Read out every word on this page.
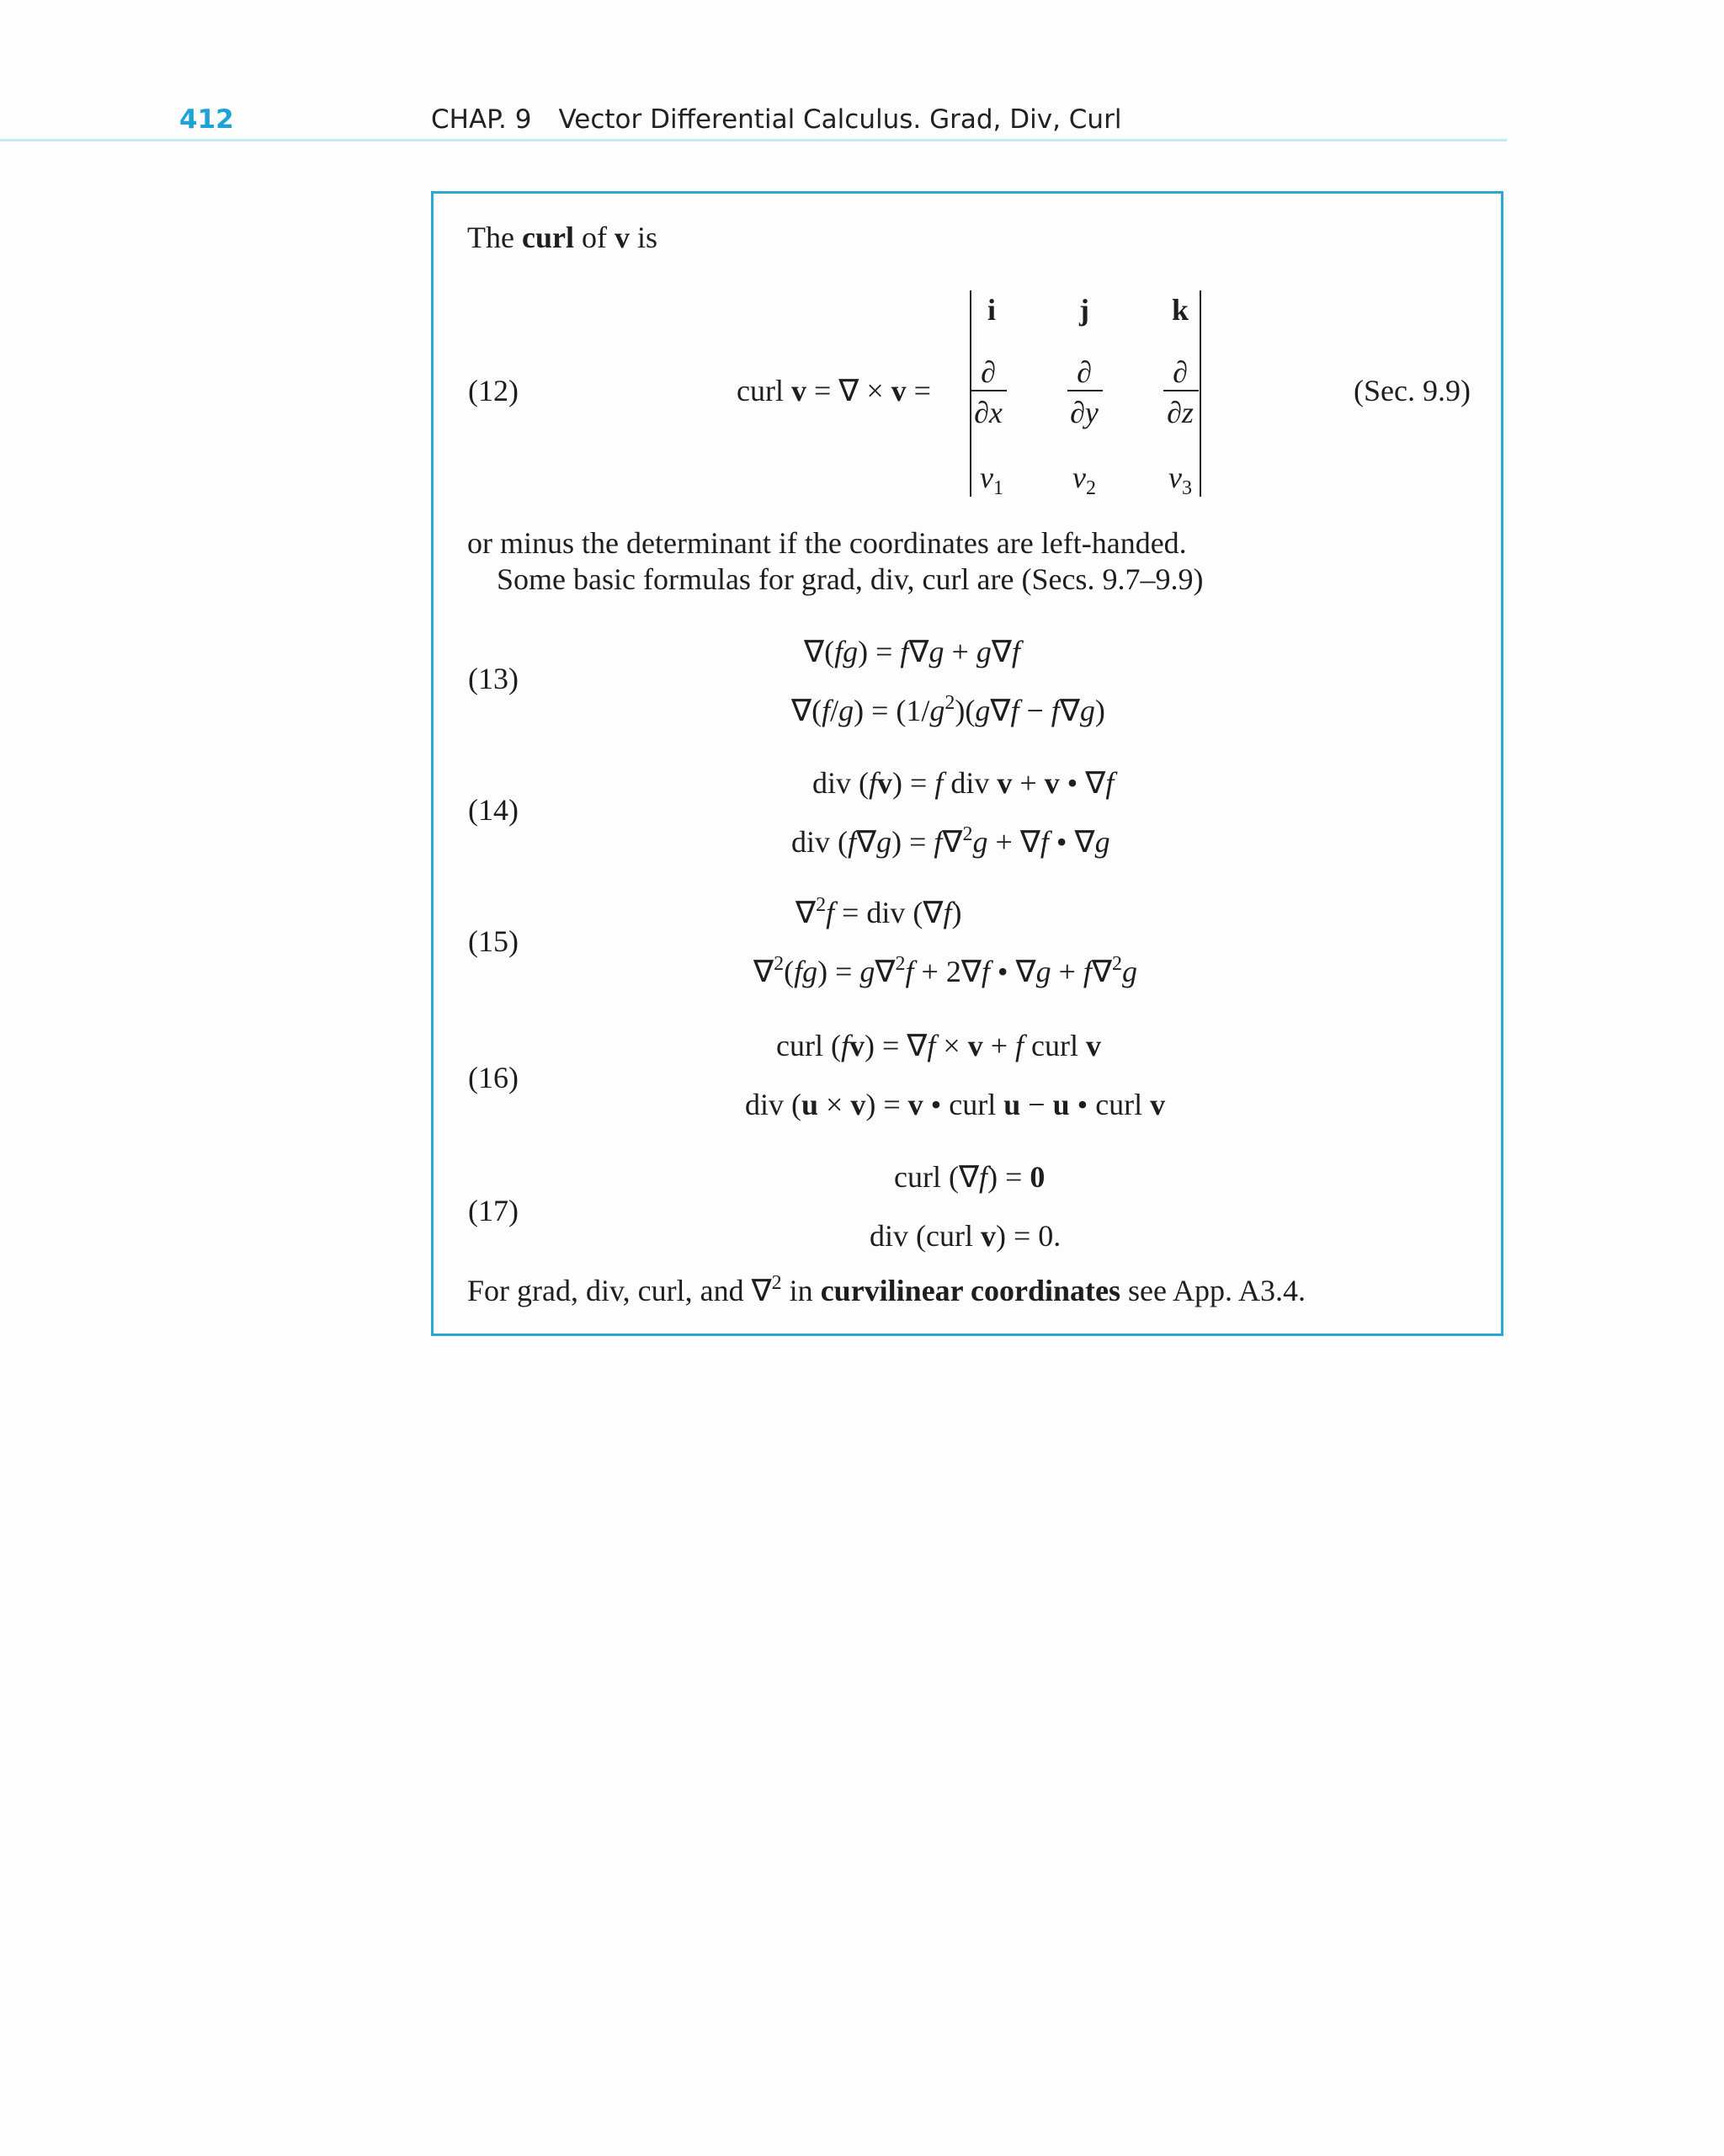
412	CHAP. 9 Vector Differential Calculus. Grad, Div, Curl
The curl of v is
(12)	curl v = ∇ × v =
i	j	k
∂	∂	∂
∂x	∂y	∂z
$v_1$	$v_2$	$v_3$
(Sec. 9.9)
or minus the determinant if the coordinates are left-handed.
Some basic formulas for grad, div, curl are (Secs. 9.7–9.9)
(13)
∇(fg) = f∇g + g∇f
$\nabla(f/g) = (1/g^2)(g\nabla f - f\nabla g)$
(14)
div (fv) = f div v + v • ∇f
div (f∇g) = f∇$^2$g + ∇f • ∇g
(15)
∇$^2$f = div (∇f)
∇$^2$(fg) = g∇$^2$f + 2∇f • ∇g + f∇$^2$g
(16)
curl (fv) = ∇f × v + f curl v
div (u × v) = v • curl u − u • curl v
(17)
curl (∇f) = 0
div (curl v) = 0.
For grad, div, curl, and ∇$^2$ in curvilinear coordinates see App. A3.4.
